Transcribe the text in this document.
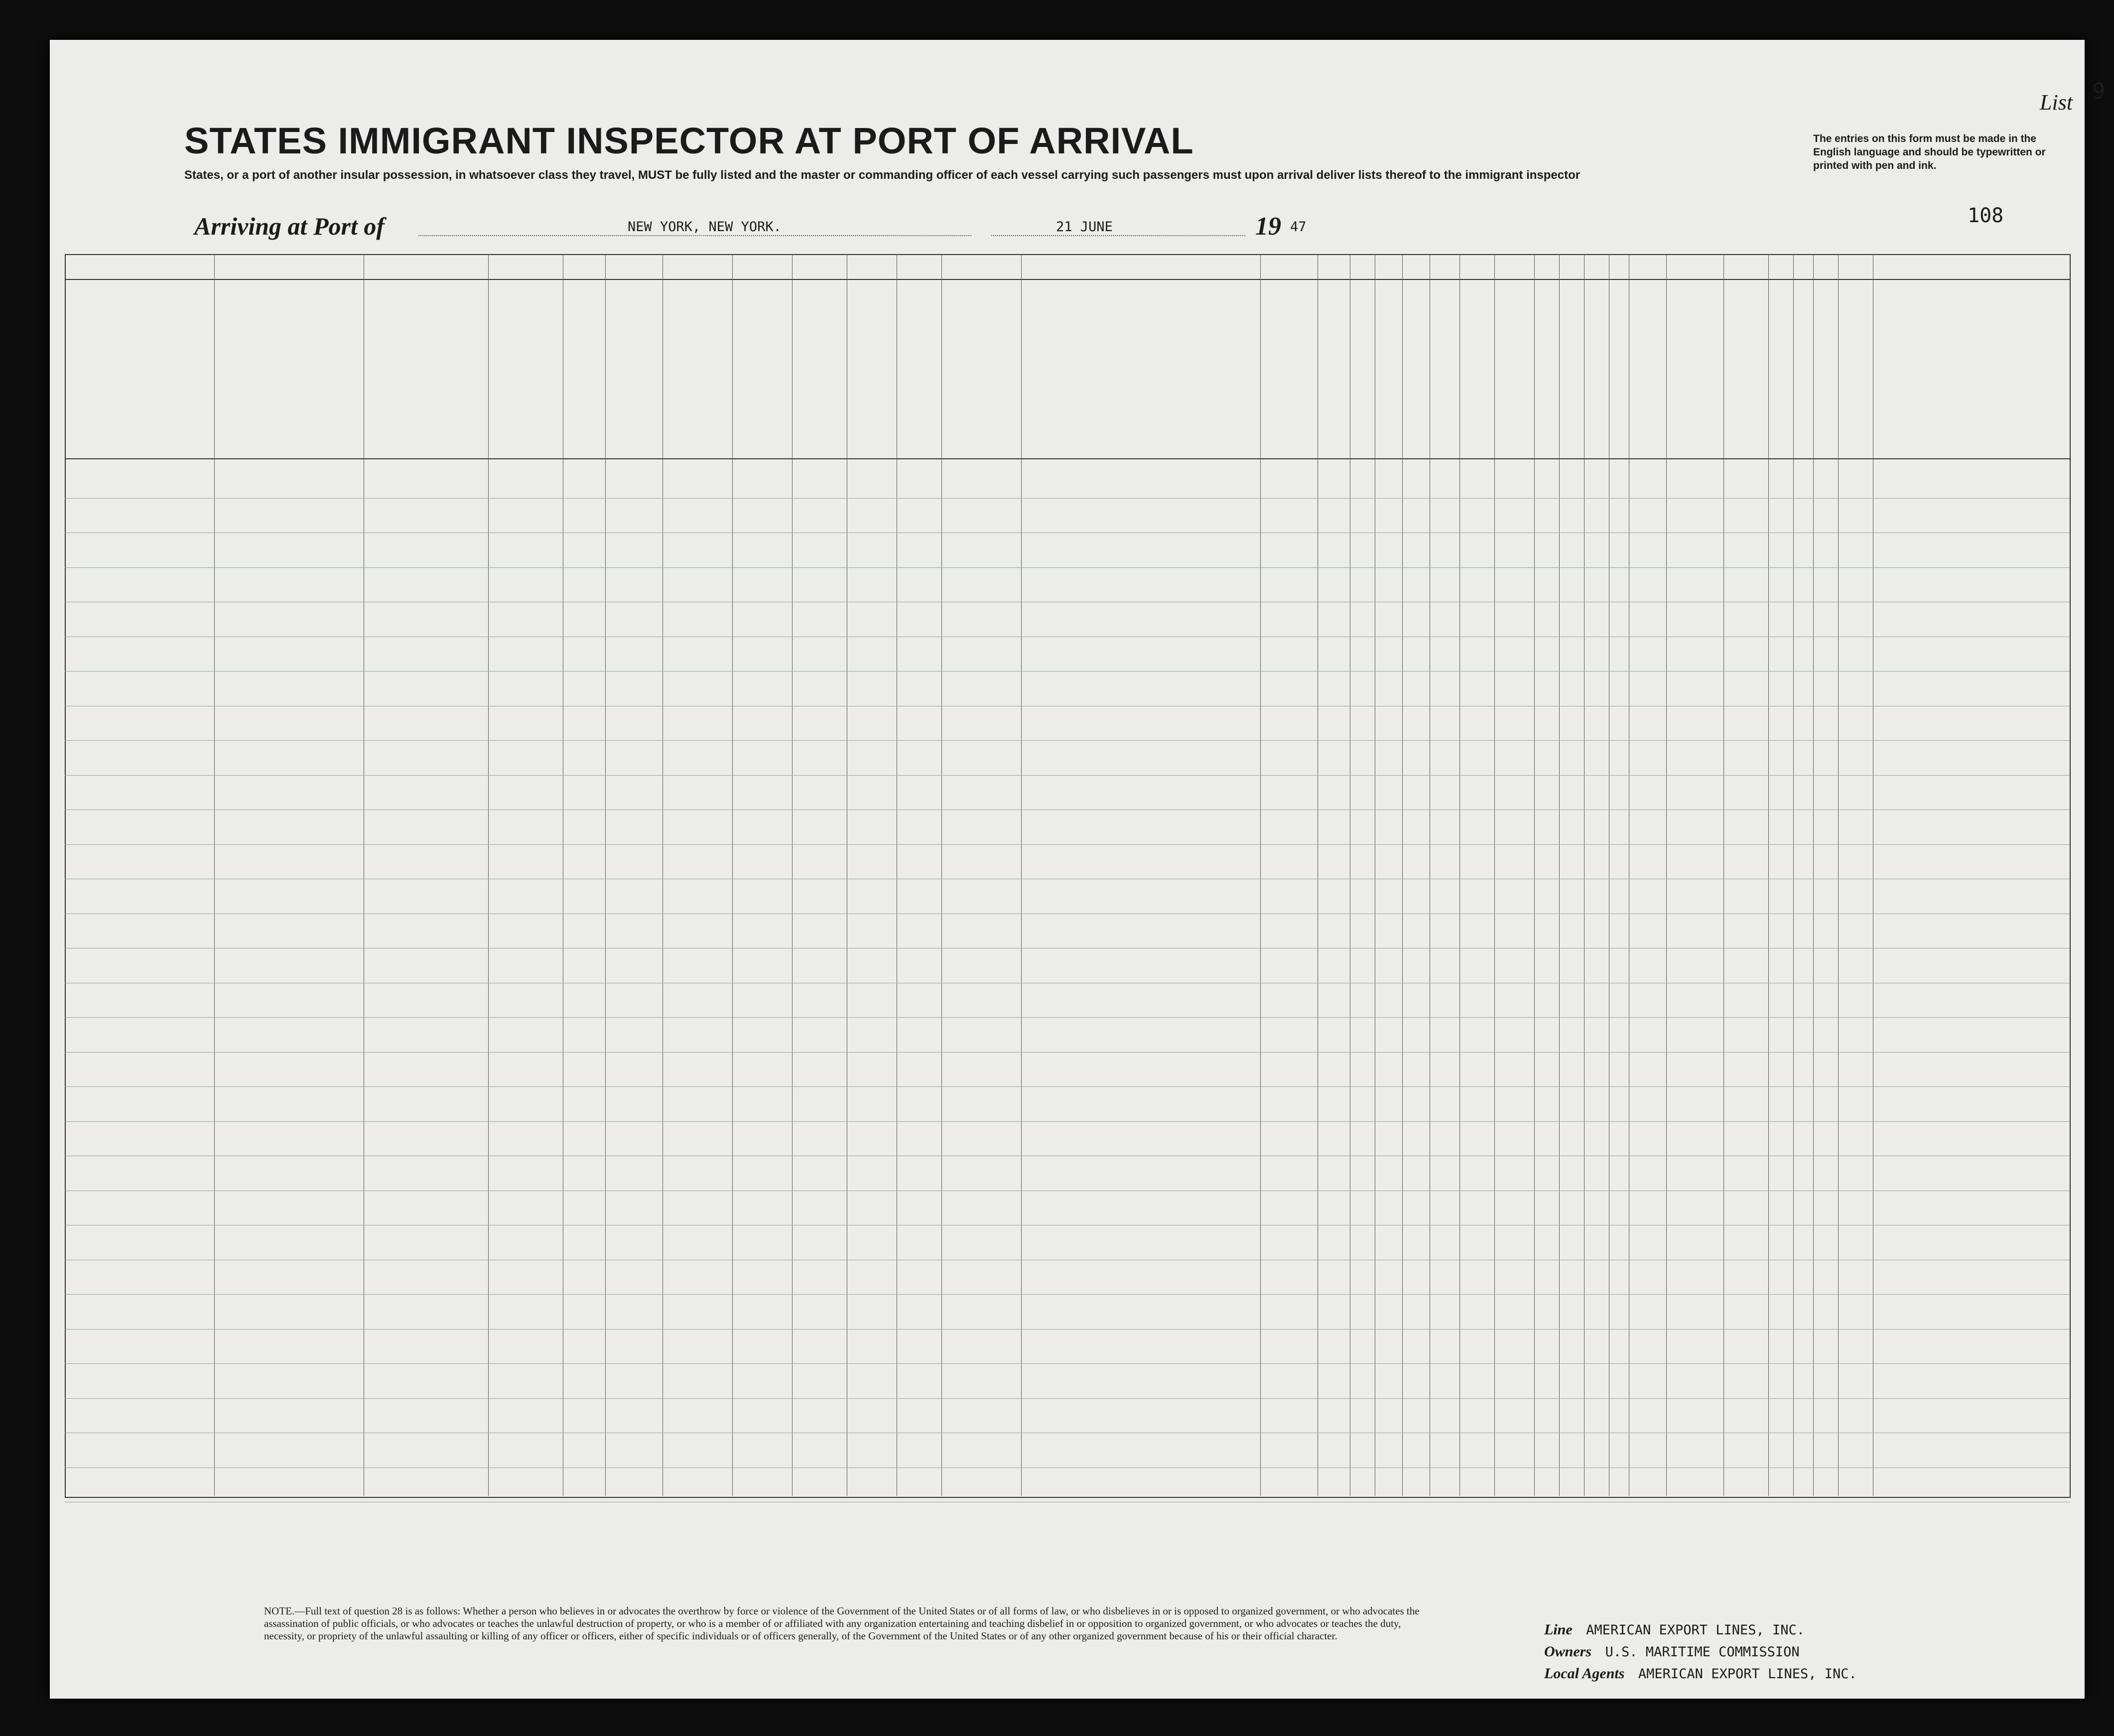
STATES IMMIGRANT INSPECTOR AT PORT OF ARRIVAL
States, or a port of another insular possession, in whatsoever class they travel, MUST be fully listed and the master or commanding officer of each vessel carrying such passengers must upon arrival deliver lists thereof to the immigrant inspector
List 9
The entries on this form must be made in the English language and should be typewritten or printed with pen and ink.
108
Arriving at Port of	NEW YORK, NEW YORK.	21 JUNE	19 47
NOTE.—Full text of question 28 is as follows: Whether a person who believes in or advocates the overthrow by force or violence of the Government of the United States or of all forms of law, or who disbelieves in or is opposed to organized government, or who advocates the assassination of public officials, or who advocates or teaches the unlawful destruction of property, or who is a member of or affiliated with any organization entertaining and teaching disbelief in or opposition to organized government, or who advocates or teaches the duty, necessity, or propriety of the unlawful assaulting or killing of any officer or officers, either of specific individuals or of officers generally, of the Government of the United States or of any other organized government because of his or their official character.	Line AMERICAN EXPORT LINES, INC.
Owners U.S. MARITIME COMMISSION
Local Agents AMERICAN EXPORT LINES, INC.
